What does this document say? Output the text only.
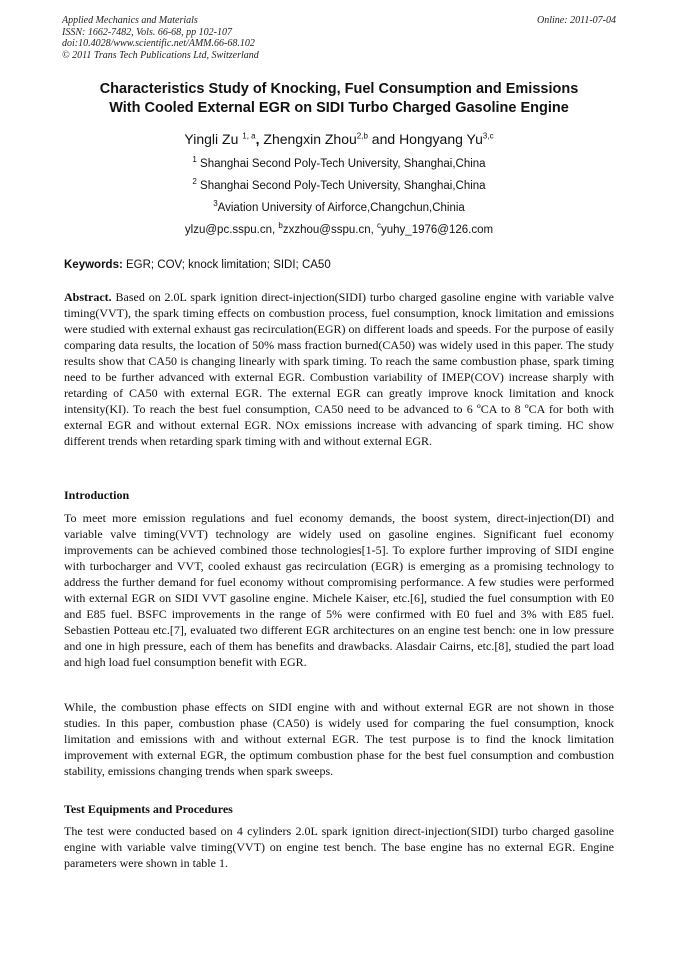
Applied Mechanics and Materials
ISSN: 1662-7482, Vols. 66-68, pp 102-107
doi:10.4028/www.scientific.net/AMM.66-68.102
© 2011 Trans Tech Publications Ltd, Switzerland
Online: 2011-07-04
Characteristics Study of Knocking, Fuel Consumption and Emissions
With Cooled External EGR on SIDI Turbo Charged Gasoline Engine
Yingli Zu $^{1, a}$, Zhengxin Zhou$^{2,b}$ and Hongyang Yu$^{3,c}$
$^1$ Shanghai Second Poly-Tech University, Shanghai,China
$^2$ Shanghai Second Poly-Tech University, Shanghai,China
$^3$Aviation University of Airforce,Changchun,Chinia
ylzu@pc.sspu.cn, $^b$zxzhou@sspu.cn, $^c$yuhy_1976@126.com
Keywords: EGR; COV; knock limitation; SIDI; CA50
Abstract. Based on 2.0L spark ignition direct-injection(SIDI) turbo charged gasoline engine with variable valve timing(VVT), the spark timing effects on combustion process, fuel consumption, knock limitation and emissions were studied with external exhaust gas recirculation(EGR) on different loads and speeds. For the purpose of easily comparing data results, the location of 50% mass fraction burned(CA50) was widely used in this paper. The study results show that CA50 is changing linearly with spark timing. To reach the same combustion phase, spark timing need to be further advanced with external EGR. Combustion variability of IMEP(COV) increase sharply with retarding of CA50 with external EGR. The external EGR can greatly improve knock limitation and knock intensity(KI). To reach the best fuel consumption, CA50 need to be advanced to 6 ºCA to 8 ºCA for both with external EGR and without external EGR. NOx emissions increase with advancing of spark timing. HC show different trends when retarding spark timing with and without external EGR.
Introduction
To meet more emission regulations and fuel economy demands, the boost system, direct-injection(DI) and variable valve timing(VVT) technology are widely used on gasoline engines. Significant fuel economy improvements can be achieved combined those technologies[1-5]. To explore further improving of SIDI engine with turbocharger and VVT, cooled exhaust gas recirculation (EGR) is emerging as a promising technology to address the further demand for fuel economy without compromising performance. A few studies were performed with external EGR on SIDI VVT gasoline engine. Michele Kaiser, etc.[6], studied the fuel consumption with E0 and E85 fuel. BSFC improvements in the range of 5% were confirmed with E0 fuel and 3% with E85 fuel. Sebastien Potteau etc.[7], evaluated two different EGR architectures on an engine test bench: one in low pressure and one in high pressure, each of them has benefits and drawbacks. Alasdair Cairns, etc.[8], studied the part load and high load fuel consumption benefit with EGR.
While, the combustion phase effects on SIDI engine with and without external EGR are not shown in those studies. In this paper, combustion phase (CA50) is widely used for comparing the fuel consumption, knock limitation and emissions with and without external EGR. The test purpose is to find the knock limitation improvement with external EGR, the optimum combustion phase for the best fuel consumption and combustion stability, emissions changing trends when spark sweeps.
Test Equipments and Procedures
The test were conducted based on 4 cylinders 2.0L spark ignition direct-injection(SIDI) turbo charged gasoline engine with variable valve timing(VVT) on engine test bench. The base engine has no external EGR. Engine parameters were shown in table 1.
